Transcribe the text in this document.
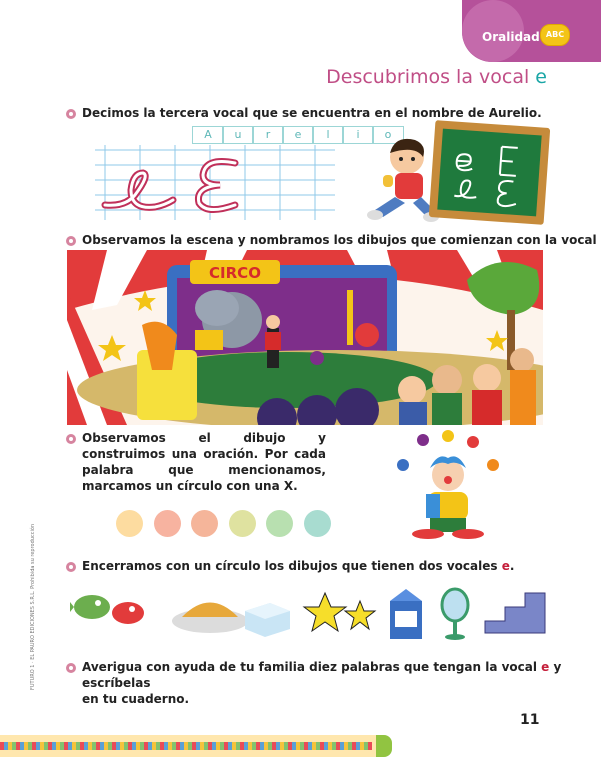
Oralidad ABC
Descubrimos la vocal e
Decimos la tercera vocal que se encuentra en el nombre de Aurelio.
A	u	r	e	l	i	o
Observamos la escena y nombramos los dibujos que comienzan con la vocal
CIRCO
Observamos el dibujo y construimos una oración. Por cada palabra que mencionamos, marcamos un círculo con una X.
Encerramos con un círculo los dibujos que tienen dos vocales e.
Averigua con ayuda de tu familia diez palabras que tengan la vocal e y escríbelas
en tu cuaderno.
FUTURO 1 · EL PAURO EDICIONES S.R.L. Prohibida su reproducción
11
